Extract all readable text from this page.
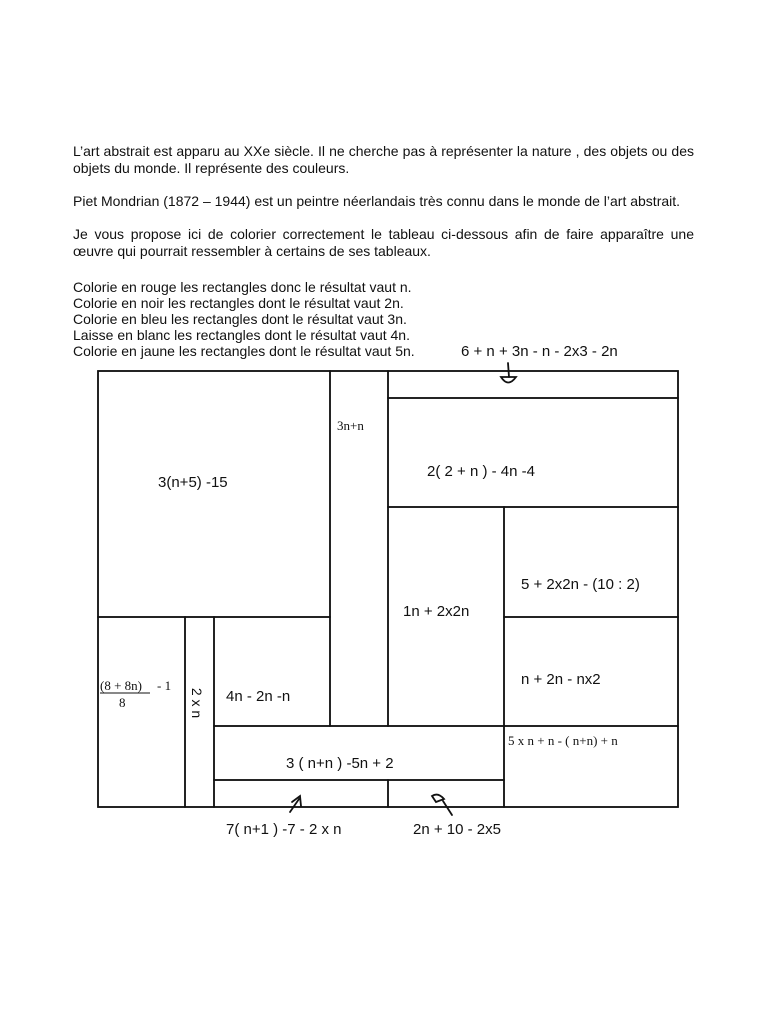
L’art abstrait est apparu au XXe siècle. Il ne cherche pas à représenter la nature , des objets ou des objets du monde. Il représente des couleurs.

Piet Mondrian (1872 – 1944) est un peintre néerlandais très connu dans le monde de l’art abstrait.

Je vous propose ici de colorier correctement le tableau ci-dessous afin de faire apparaître une œuvre qui pourrait ressembler à certains de ses tableaux.

Colorie en rouge les rectangles donc le résultat vaut n.

Colorie en noir les rectangles dont le résultat vaut 2n.

Colorie en bleu les rectangles dont le résultat vaut 3n.

Laisse en blanc les rectangles dont le résultat vaut 4n.

Colorie en jaune les rectangles dont le résultat vaut 5n.	6 + n + 3n - n - 2x3 - 2n
3(n+5) -15
3n+n
2( 2 + n ) - 4n -4
5 + 2x2n - (10 : 2)
1n + 2x2n
n + 2n - nx2
(8 + 8n) - 1
8	2 x n 4n - 2n -n
5 x n + n - ( n+n) + n
3 ( n+n ) -5n + 2
7( n+1 ) -7 - 2 x n	2n + 10 - 2x5
